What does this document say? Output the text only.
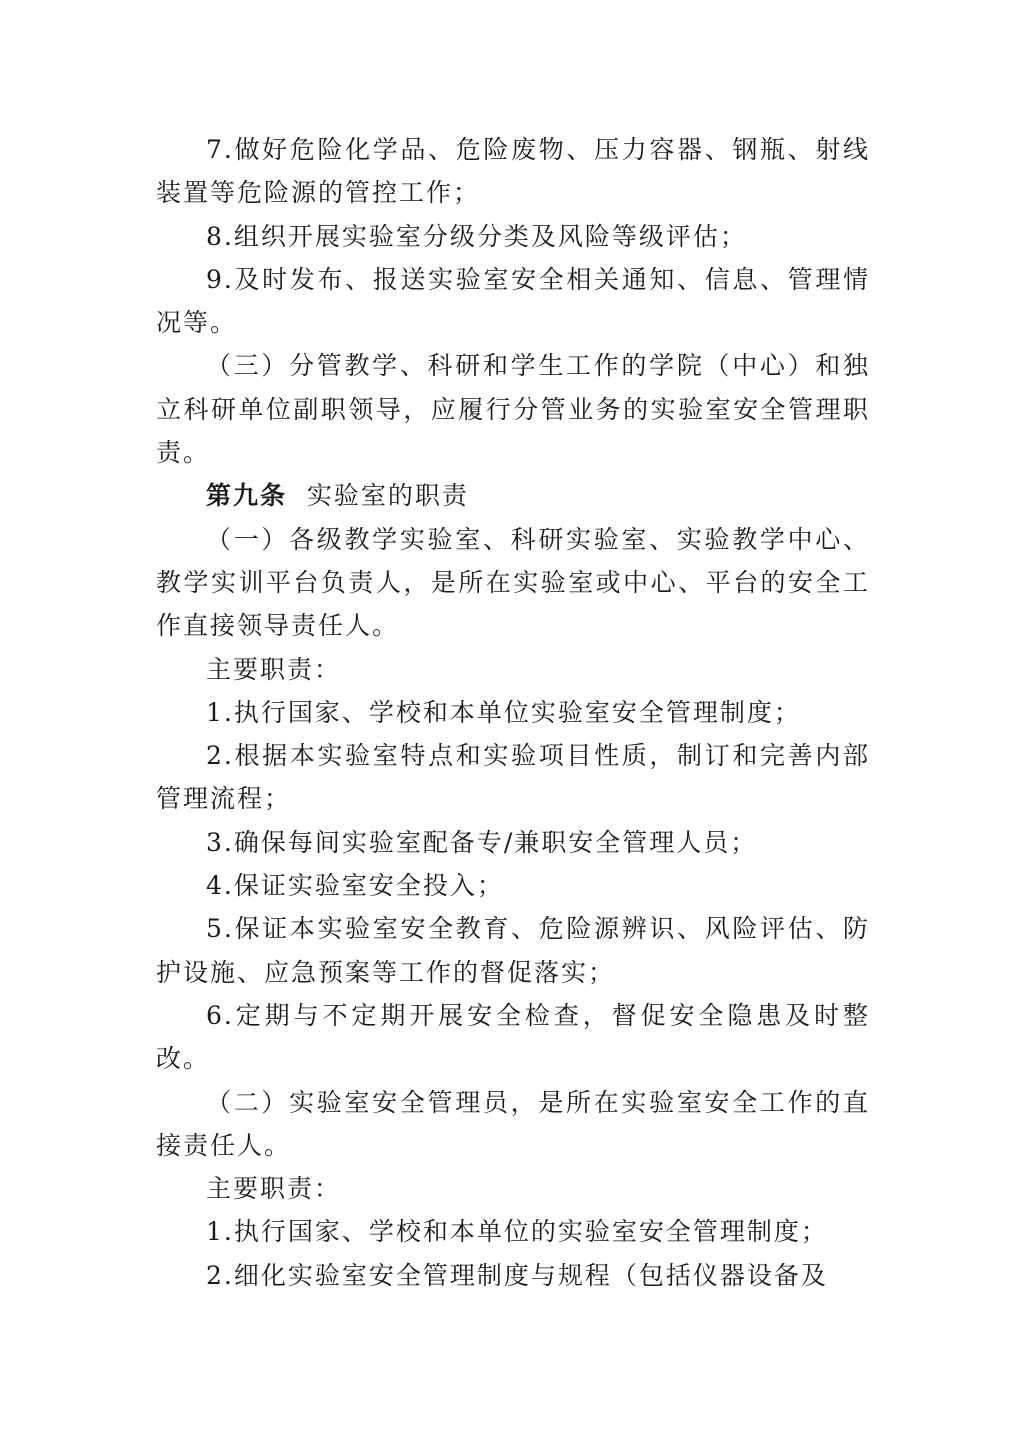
7.做好危险化学品、危险废物、压力容器、钢瓶、射线装置等危险源的管控工作；

8.组织开展实验室分级分类及风险等级评估；

9.及时发布、报送实验室安全相关通知、信息、管理情况等。

（三）分管教学、科研和学生工作的学院（中心）和独立科研单位副职领导，应履行分管业务的实验室安全管理职责。

第九条 实验室的职责

（一）各级教学实验室、科研实验室、实验教学中心、教学实训平台负责人，是所在实验室或中心、平台的安全工作直接领导责任人。

主要职责：

1.执行国家、学校和本单位实验室安全管理制度；

2.根据本实验室特点和实验项目性质，制订和完善内部管理流程；

3.确保每间实验室配备专/兼职安全管理人员；

4.保证实验室安全投入；

5.保证本实验室安全教育、危险源辨识、风险评估、防护设施、应急预案等工作的督促落实；

6.定期与不定期开展安全检查，督促安全隐患及时整改。

（二）实验室安全管理员，是所在实验室安全工作的直接责任人。

主要职责：

1.执行国家、学校和本单位的实验室安全管理制度；

2.细化实验室安全管理制度与规程（包括仪器设备及
